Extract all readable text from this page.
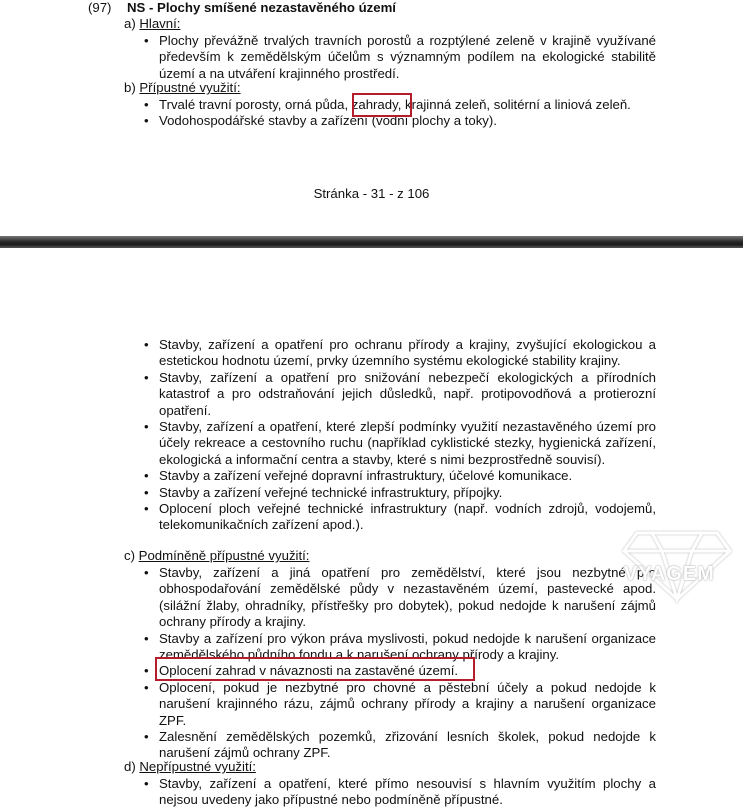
(97) NS - Plochy smíšené nezastavěného území
a) Hlavní:
• Plochy převážně trvalých travních porostů a rozptýlené zeleně v krajině využívané především k zemědělským účelům s významným podílem na ekologické stabilitě území a na utváření krajinného prostředí.
b) Přípustné využití:
• Trvalé travní porosty, orná půda, zahrady, krajinná zeleň, solitérní a liniová zeleň.
• Vodohospodářské stavby a zařízení (vodní plochy a toky).
Stránka - 31 - z 106
• Stavby, zařízení a opatření pro ochranu přírody a krajiny, zvyšující ekologickou a estetickou hodnotu území, prvky územního systému ekologické stability krajiny.
• Stavby, zařízení a opatření pro snižování nebezpečí ekologických a přírodních katastrof a pro odstraňování jejich důsledků, např. protipovodňová a protierozní opatření.
• Stavby, zařízení a opatření, které zlepší podmínky využití nezastavěného území pro účely rekreace a cestovního ruchu (například cyklistické stezky, hygienická zařízení, ekologická a informační centra a stavby, které s nimi bezprostředně souvisí).
• Stavby a zařízení veřejné dopravní infrastruktury, účelové komunikace.
• Stavby a zařízení veřejné technické infrastruktury, přípojky.
• Oplocení ploch veřejné technické infrastruktury (např. vodních zdrojů, vodojemů, telekomunikačních zařízení apod.).
c) Podmíněně přípustné využití:
• Stavby, zařízení a jiná opatření pro zemědělství, které jsou nezbytné pro obhospodařování zemědělské půdy v nezastavěném území, pastevecké apod. (silážní žlaby, ohradníky, přístřešky pro dobytek), pokud nedojde k narušení zájmů ochrany přírody a krajiny.
• Stavby a zařízení pro výkon práva myslivosti, pokud nedojde k narušení organizace zemědělského půdního fondu a k narušení ochrany přírody a krajiny.
• Oplocení zahrad v návaznosti na zastavěné území.
• Oplocení, pokud je nezbytné pro chovné a pěstební účely a pokud nedojde k narušení krajinného rázu, zájmů ochrany přírody a krajiny a narušení organizace ZPF.
• Zalesnění zemědělských pozemků, zřizování lesních školek, pokud nedojde k narušení zájmů ochrany ZPF.
d) Nepřípustné využití:
• Stavby, zařízení a opatření, které přímo nesouvisí s hlavním využitím plochy a nejsou uvedeny jako přípustné nebo podmíněně přípustné.
VYAGEM
